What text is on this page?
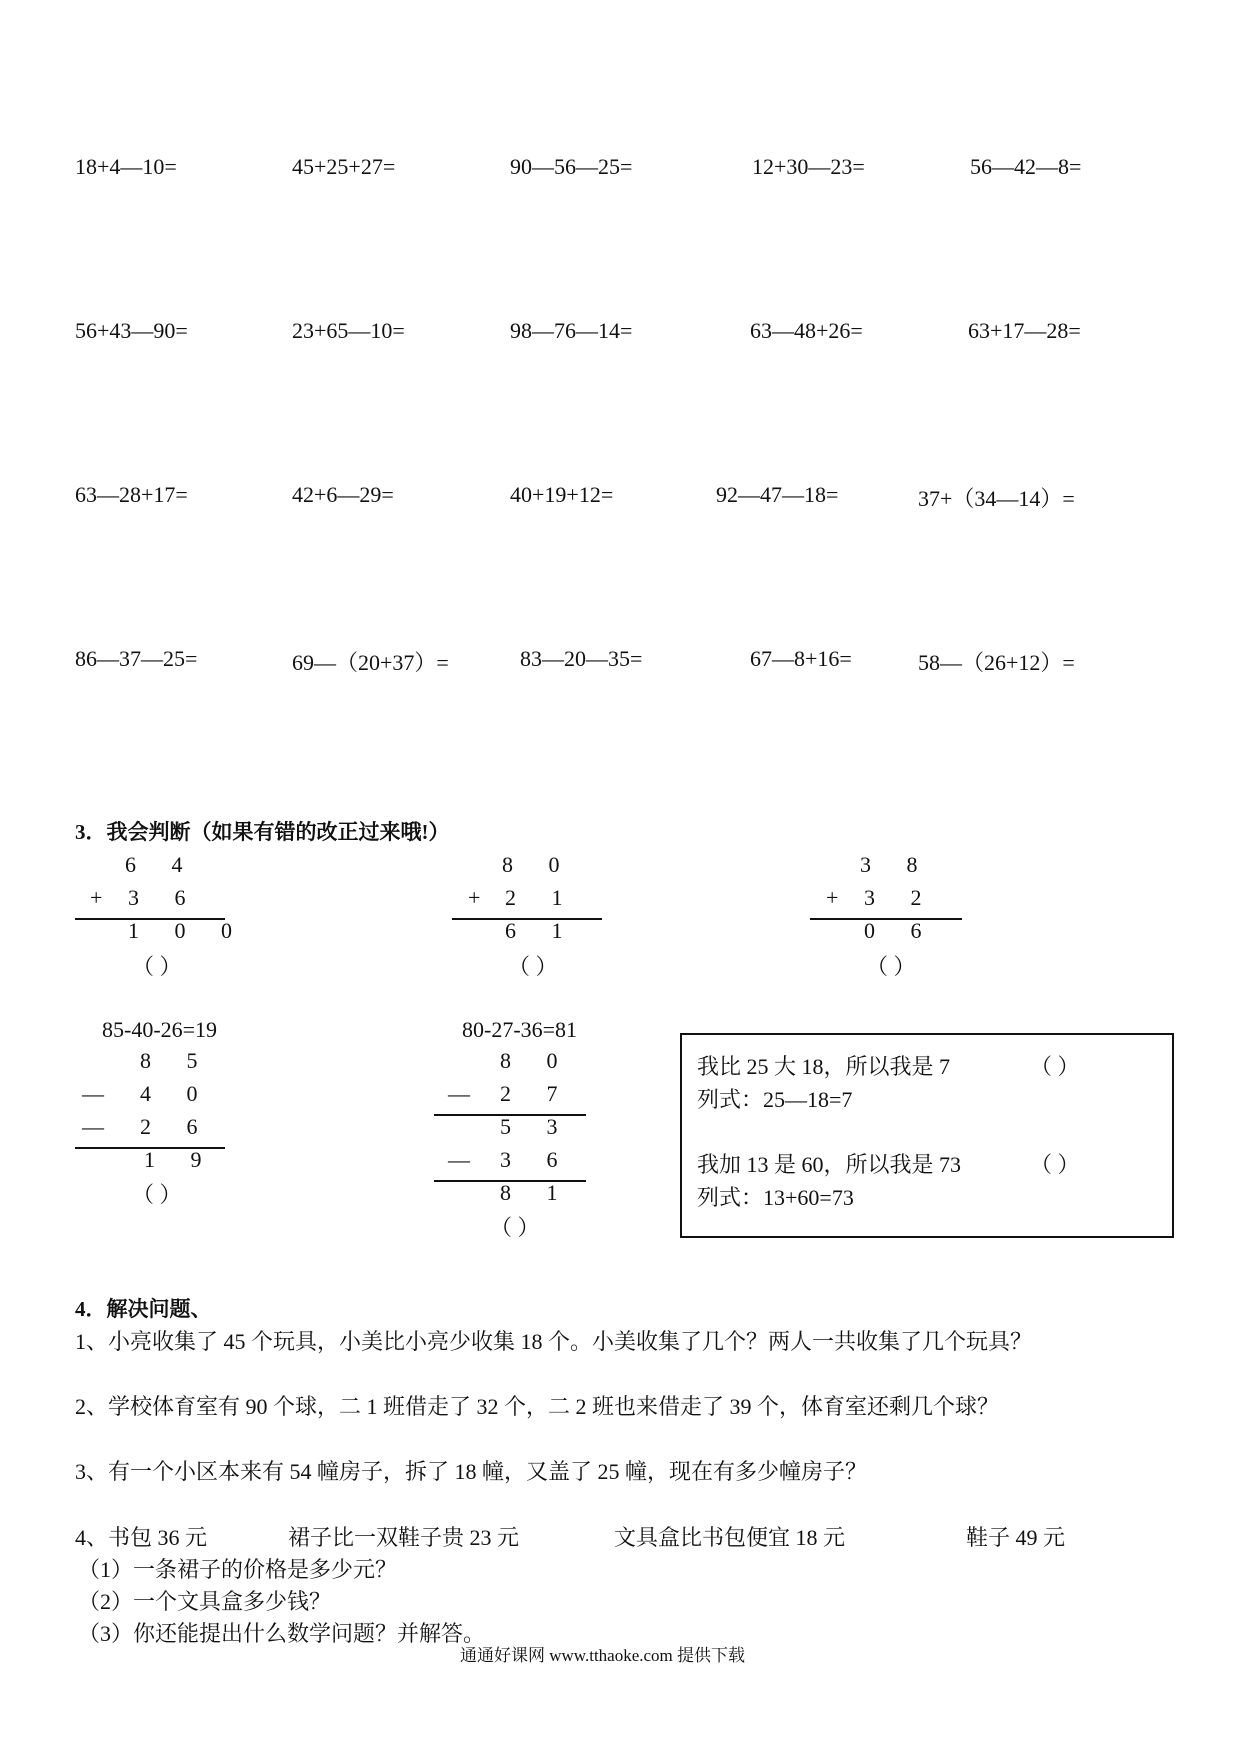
18+4—10=	45+25+27=	90—56—25=	12+30—23=	56—42—8=
56+43—90=	23+65—10=	98—76—14=	63—48+26=	63+17—28=
63—28+17=	42+6—29=	40+19+12=	92—47—18=	37+（34—14）=
86—37—25=	69—（20+37）=	83—20—35=	67—8+16=	58—（26+12）=
3．我会判断（如果有错的改正过来哦!）
6 4
+ 3 6
1 0 0
（ ）
8 0
+ 2 1
6 1
（ ）
3 8
+ 3 2
0 6
（ ）
85-40-26=19
8 5
— 4 0
— 2 6
1 9
（ ）
80-27-36=81
8 0
— 2 7
5 3
— 3 6
8 1
（ ）
我比 25 大 18，所以我是 7	（ ）
列式：25—18=7
我加 13 是 60，所以我是 73	（ ）
列式：13+60=73
4．解决问题、
1、小亮收集了 45 个玩具，小美比小亮少收集 18 个。小美收集了几个？两人一共收集了几个玩具？
2、学校体育室有 90 个球，二 1 班借走了 32 个，二 2 班也来借走了 39 个，体育室还剩几个球？
3、有一个小区本来有 54 幢房子，拆了 18 幢，又盖了 25 幢，现在有多少幢房子？
4、书包 36 元	裙子比一双鞋子贵 23 元	文具盒比书包便宜 18 元	鞋子 49 元
（1）一条裙子的价格是多少元？
（2）一个文具盒多少钱？
（3）你还能提出什么数学问题？并解答。
通通好课网 www.tthaoke.com 提供下载
